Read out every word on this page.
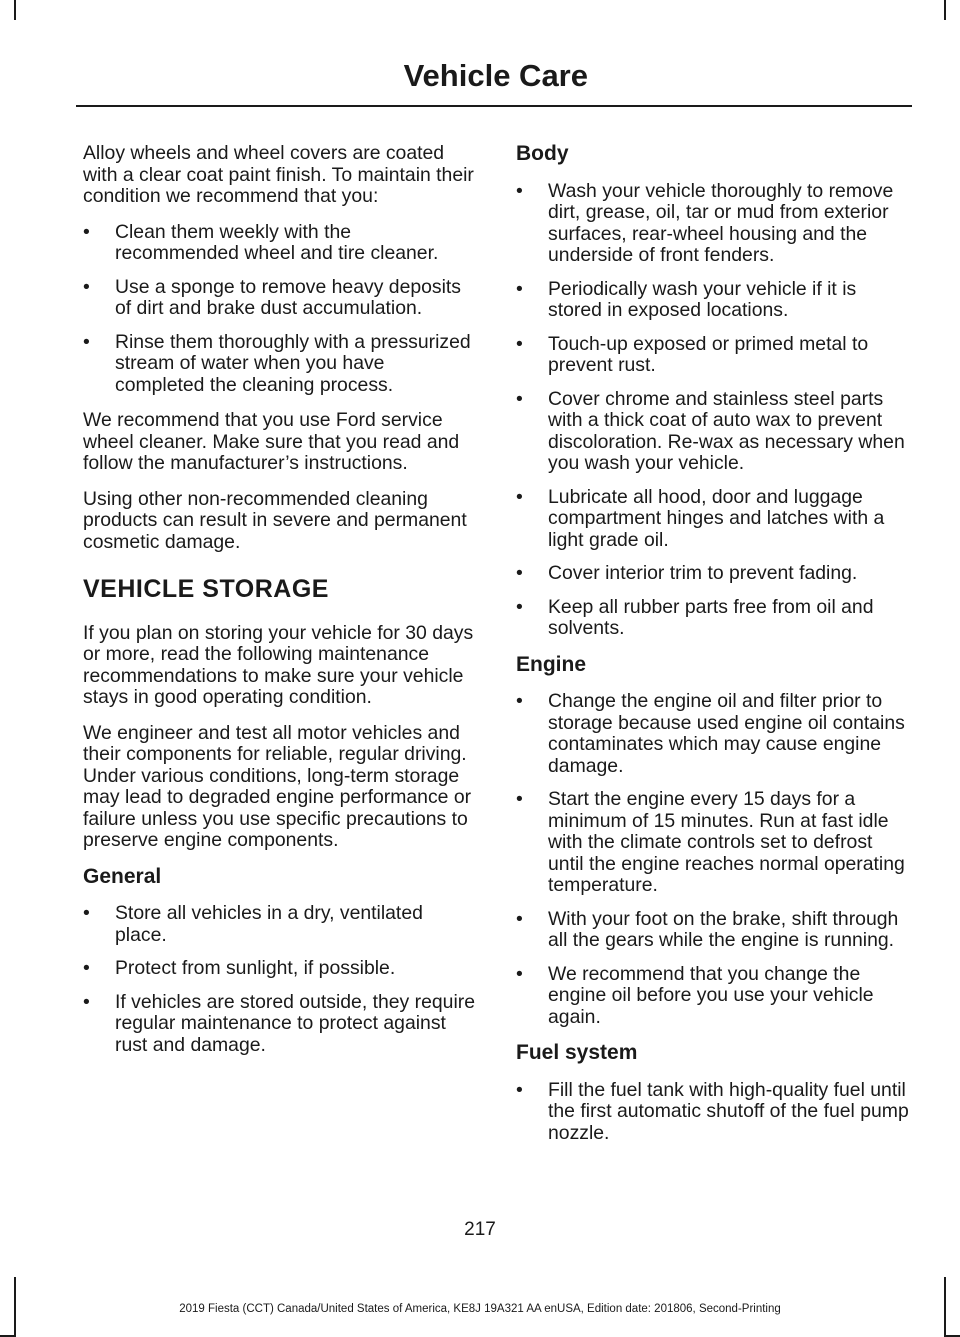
Vehicle Care

Alloy wheels and wheel covers are coated with a clear coat paint finish. To maintain their condition we recommend that you:

• Clean them weekly with the recommended wheel and tire cleaner.
• Use a sponge to remove heavy deposits of dirt and brake dust accumulation.
• Rinse them thoroughly with a pressurized stream of water when you have completed the cleaning process.

We recommend that you use Ford service wheel cleaner. Make sure that you read and follow the manufacturer’s instructions.

Using other non-recommended cleaning products can result in severe and permanent cosmetic damage.

VEHICLE STORAGE

If you plan on storing your vehicle for 30 days or more, read the following maintenance recommendations to make sure your vehicle stays in good operating condition.

We engineer and test all motor vehicles and their components for reliable, regular driving. Under various conditions, long-term storage may lead to degraded engine performance or failure unless you use specific precautions to preserve engine components.

General
• Store all vehicles in a dry, ventilated place.
• Protect from sunlight, if possible.
• If vehicles are stored outside, they require regular maintenance to protect against rust and damage.
Body
• Wash your vehicle thoroughly to remove dirt, grease, oil, tar or mud from exterior surfaces, rear-wheel housing and the underside of front fenders.
• Periodically wash your vehicle if it is stored in exposed locations.
• Touch-up exposed or primed metal to prevent rust.
• Cover chrome and stainless steel parts with a thick coat of auto wax to prevent discoloration. Re-wax as necessary when you wash your vehicle.
• Lubricate all hood, door and luggage compartment hinges and latches with a light grade oil.
• Cover interior trim to prevent fading.
• Keep all rubber parts free from oil and solvents.
Engine
• Change the engine oil and filter prior to storage because used engine oil contains contaminates which may cause engine damage.
• Start the engine every 15 days for a minimum of 15 minutes. Run at fast idle with the climate controls set to defrost until the engine reaches normal operating temperature.
• With your foot on the brake, shift through all the gears while the engine is running.
• We recommend that you change the engine oil before you use your vehicle again.
Fuel system
• Fill the fuel tank with high-quality fuel until the first automatic shutoff of the fuel pump nozzle.
217
2019 Fiesta (CCT) Canada/United States of America, KE8J 19A321 AA enUSA, Edition date: 201806, Second-Printing
